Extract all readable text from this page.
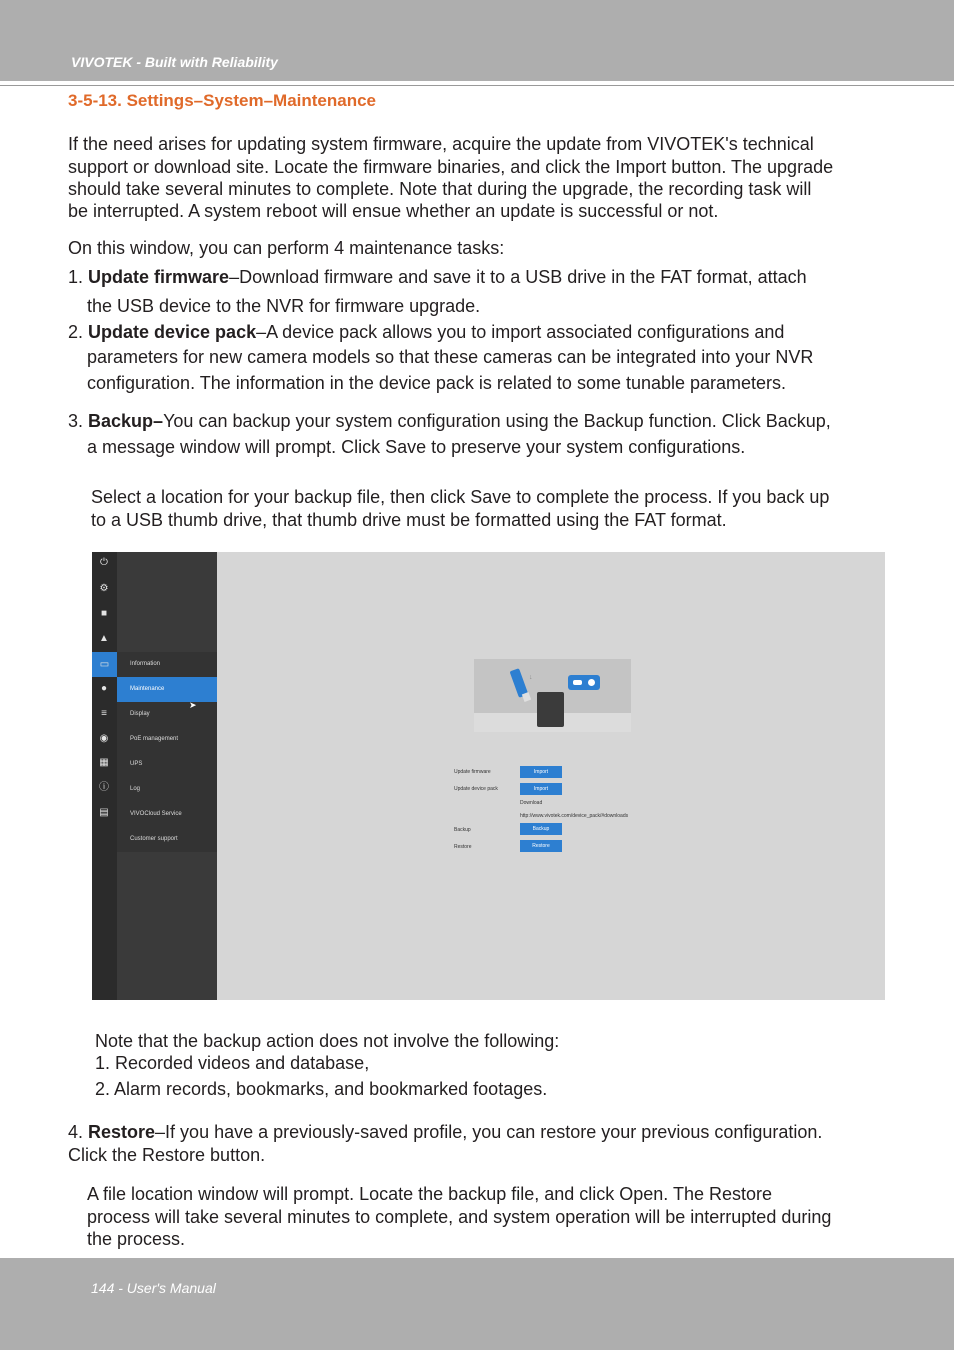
VIVOTEK - Built with Reliability
3-5-13. Settings–System–Maintenance

If the need arises for updating system firmware, acquire the update from VIVOTEK's technical

support or download site. Locate the firmware binaries, and click the Import button. The upgrade

should take several minutes to complete. Note that during the upgrade, the recording task will

be interrupted. A system reboot will ensue whether an update is successful or not.

On this window, you can perform 4 maintenance tasks:

1. Update firmware–Download firmware and save it to a USB drive in the FAT format, attach

the USB device to the NVR for firmware upgrade.

2. Update device pack–A device pack allows you to import associated configurations and

parameters for new camera models so that these cameras can be integrated into your NVR

configuration. The information in the device pack is related to some tunable parameters.

3. Backup–You can backup your system configuration using the Backup function. Click Backup,

a message window will prompt. Click Save to preserve your system configurations.

Select a location for your backup file, then click Save to complete the process. If you back up

to a USB thumb drive, that thumb drive must be formatted using the FAT format.

⏻
⚙
■
▲
▭
●
≡
◉
▦
ⓘ
▤
Information
Maintenance
Display
PoE management
UPS
Log
VIVOCloud Service
Customer support
➤
↓
Update firmware	Import
Update device pack	Import
Download
http://www.vivotek.com/device_pack/#downloads
Backup	Backup
Restore	Restore

Note that the backup action does not involve the following:

1. Recorded videos and database,

2. Alarm records, bookmarks, and bookmarked footages.

4. Restore–If you have a previously-saved profile, you can restore your previous configuration.

Click the Restore button.

A file location window will prompt. Locate the backup file, and click Open. The Restore

process will take several minutes to complete, and system operation will be interrupted during

the process.

144 - User's Manual
